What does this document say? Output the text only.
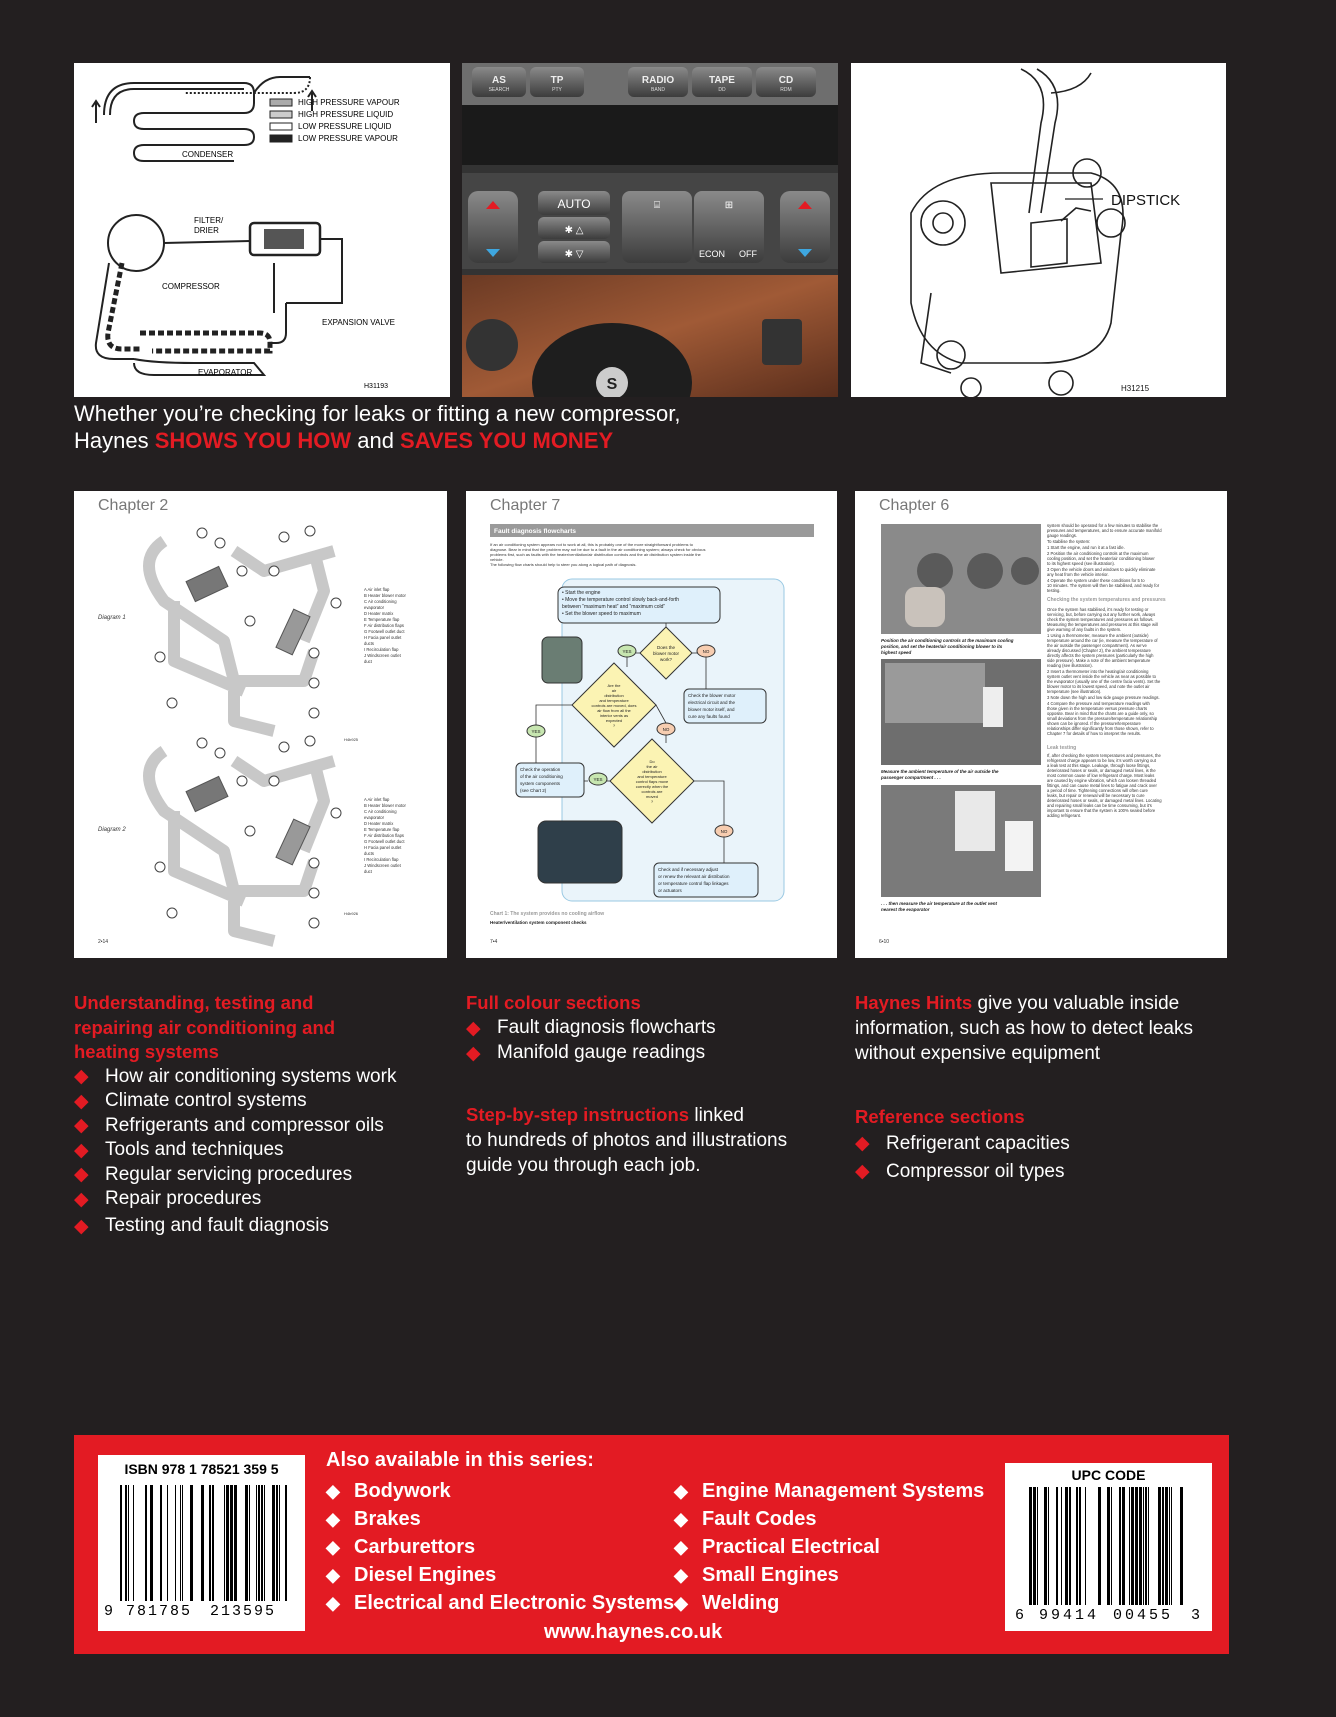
HIGH PRESSURE VAPOUR
HIGH PRESSURE LIQUID
LOW PRESSURE LIQUID
LOW PRESSURE VAPOUR
CONDENSER
FILTER/
DRIER
COMPRESSOR
EXPANSION VALVE
EVAPORATOR
H31193
AS	TP	RADIO	TAPE	CD
SEARCH	PTY	BAND	DD	RDM
AUTO
✱ △
✱ ▽
⌸	⊞
ECON OFF
S
DIPSTICK
H31215
Whether you’re checking for leaks or fitting a new compressor,
Haynes SHOWS YOU HOW and SAVES YOU MONEY
Chapter 2
Diagram 1
Diagram 2
A Air inlet flap
B Heater blower motor
C Air conditioning
evaporator
D Heater matrix
E Temperature flap
F Air distribution flaps
G Footwell outlet duct
H Facia panel outlet
ducts
I Recirculation flap
J Windscreen outlet
duct
A Air inlet flap
B Heater blower motor
C Air conditioning
evaporator
D Heater matrix
E Temperature flap
F Air distribution flaps
G Footwell outlet duct
H Facia panel outlet
ducts
I Recirculation flap
J Windscreen outlet
duct
H4b925
H4b926
2•14
Chapter 7
Fault diagnosis flowcharts
If an air conditioning system appears not to work at all, this is probably one of the more straightforward problems to
diagnose. Bear in mind that the problem may not be due to a fault in the air conditioning system; always check for obvious
problems first, such as faults with the heater/ventilation/air distribution controls and the air distribution system inside the
vehicle.
The following flow charts should help to steer you along a logical path of diagnosis.
• Start the engine
• Move the temperature control slowly back-and-forth
between “maximum heat” and “maximum cold”
• Set the blower speed to maximum
Does the
blower motor
work?
YES	NO
Are the
air
distribution
and temperature
controls are moved, does
air flow from all the
interior vents as
expected
?
Check the blower motor
electrical circuit and the
blower motor itself, and
cure any faults found
YES	NO
Check the operation
of the air conditioning
system components
(see Chart 2)
YES
Do
the air
distribution
and temperature
control flaps move
correctly when the
controls are
moved
?
NO
Check and if necessary adjust
or renew the relevant air distribution
or temperature control flap linkages
or actuators
Chart 1: The system provides no cooling airflow
Heater/ventilation system component checks
7•4
Chapter 6
Position the air conditioning controls at the maximum cooling
position, and set the heater/air conditioning blower to its
highest speed
Measure the ambient temperature of the air outside the
passenger compartment . . .
. . . then measure the air temperature at the outlet vent
nearest the evaporator
system should be operated for a few minutes to stabilise the
pressures and temperatures, and to ensure accurate manifold
gauge readings.
To stabilise the system:
1 Start the engine, and run it at a fast idle.
2 Position the air conditioning controls at the maximum
cooling position, and set the heater/air conditioning blower
to its highest speed (see illustration).
3 Open the vehicle doors and windows to quickly eliminate
any heat from the vehicle interior.
4 Operate the system under these conditions for 5 to
10 minutes. The system will then be stabilised, and ready for
testing.
Checking the system temperatures and pressures
Once the system has stabilised, it’s ready for testing or
servicing, but, before carrying out any further work, always
check the system temperatures and pressures as follows.
Measuring the temperatures and pressures at this stage will
give warning of any faults in the system.
1 Using a thermometer, measure the ambient (outside)
temperature around the car (ie, measure the temperature of
the air outside the passenger compartment). As we’ve
already discussed (Chapter 2), the ambient temperature
directly affects the system pressures (particularly the high
side pressure). Make a note of the ambient temperature
reading (see illustration).
2 Insert a thermometer into the heating/air conditioning
system outlet vent inside the vehicle as near as possible to
the evaporator (usually one of the centre facia vents). Set the
blower motor to its lowest speed, and note the outlet air
temperature (see illustration).
3 Note down the high and low side gauge pressure readings.
4 Compare the pressure and temperature readings with
those given in the temperature versus pressure charts
opposite. Bear in mind that the charts are a guide only, so
small deviations from the pressure/temperature relationship
shown can be ignored. If the pressure/temperature
relationships differ significantly from those shown, refer to
Chapter 7 for details of how to interpret the results.
Leak testing
If, after checking the system temperatures and pressures, the
refrigerant charge appears to be low, it’s worth carrying out
a leak test at this stage. Leakage, through loose fittings,
deteriorated hoses or seals, or damaged metal lines, is the
most common cause of low refrigerant charge. Most leaks
are caused by engine vibration, which can loosen threaded
fittings, and can cause metal lines to fatigue and crack over
a period of time. Tightening connections will often cure
leaks, but repair or renewal will be necessary to cure
deteriorated hoses or seals, or damaged metal lines. Locating
and repairing small leaks can be time consuming, but it’s
important to ensure that the system is 100% sealed before
adding refrigerant.
6•10
Understanding, testing and
repairing air conditioning and
heating systems
◆ How air conditioning systems work
◆ Climate control systems
◆ Refrigerants and compressor oils
◆ Tools and techniques
◆ Regular servicing procedures
◆ Repair procedures
◆ Testing and fault diagnosis
Full colour sections
◆ Fault diagnosis flowcharts
◆ Manifold gauge readings
Step-by-step instructions linked
to hundreds of photos and illustrations
guide you through each job.
Haynes Hints give you valuable inside
information, such as how to detect leaks
without expensive equipment
Reference sections
◆ Refrigerant capacities
◆ Compressor oil types
ISBN 978 1 78521 359 5
9 781785 213595
Also available in this series:
◆ Bodywork
◆ Brakes
◆ Carburettors
◆ Diesel Engines
◆ Electrical and Electronic Systems
◆ Engine Management Systems
◆ Fault Codes
◆ Practical Electrical
◆ Small Engines
◆ Welding
www.haynes.co.uk
UPC CODE
6 99414 00455 3
